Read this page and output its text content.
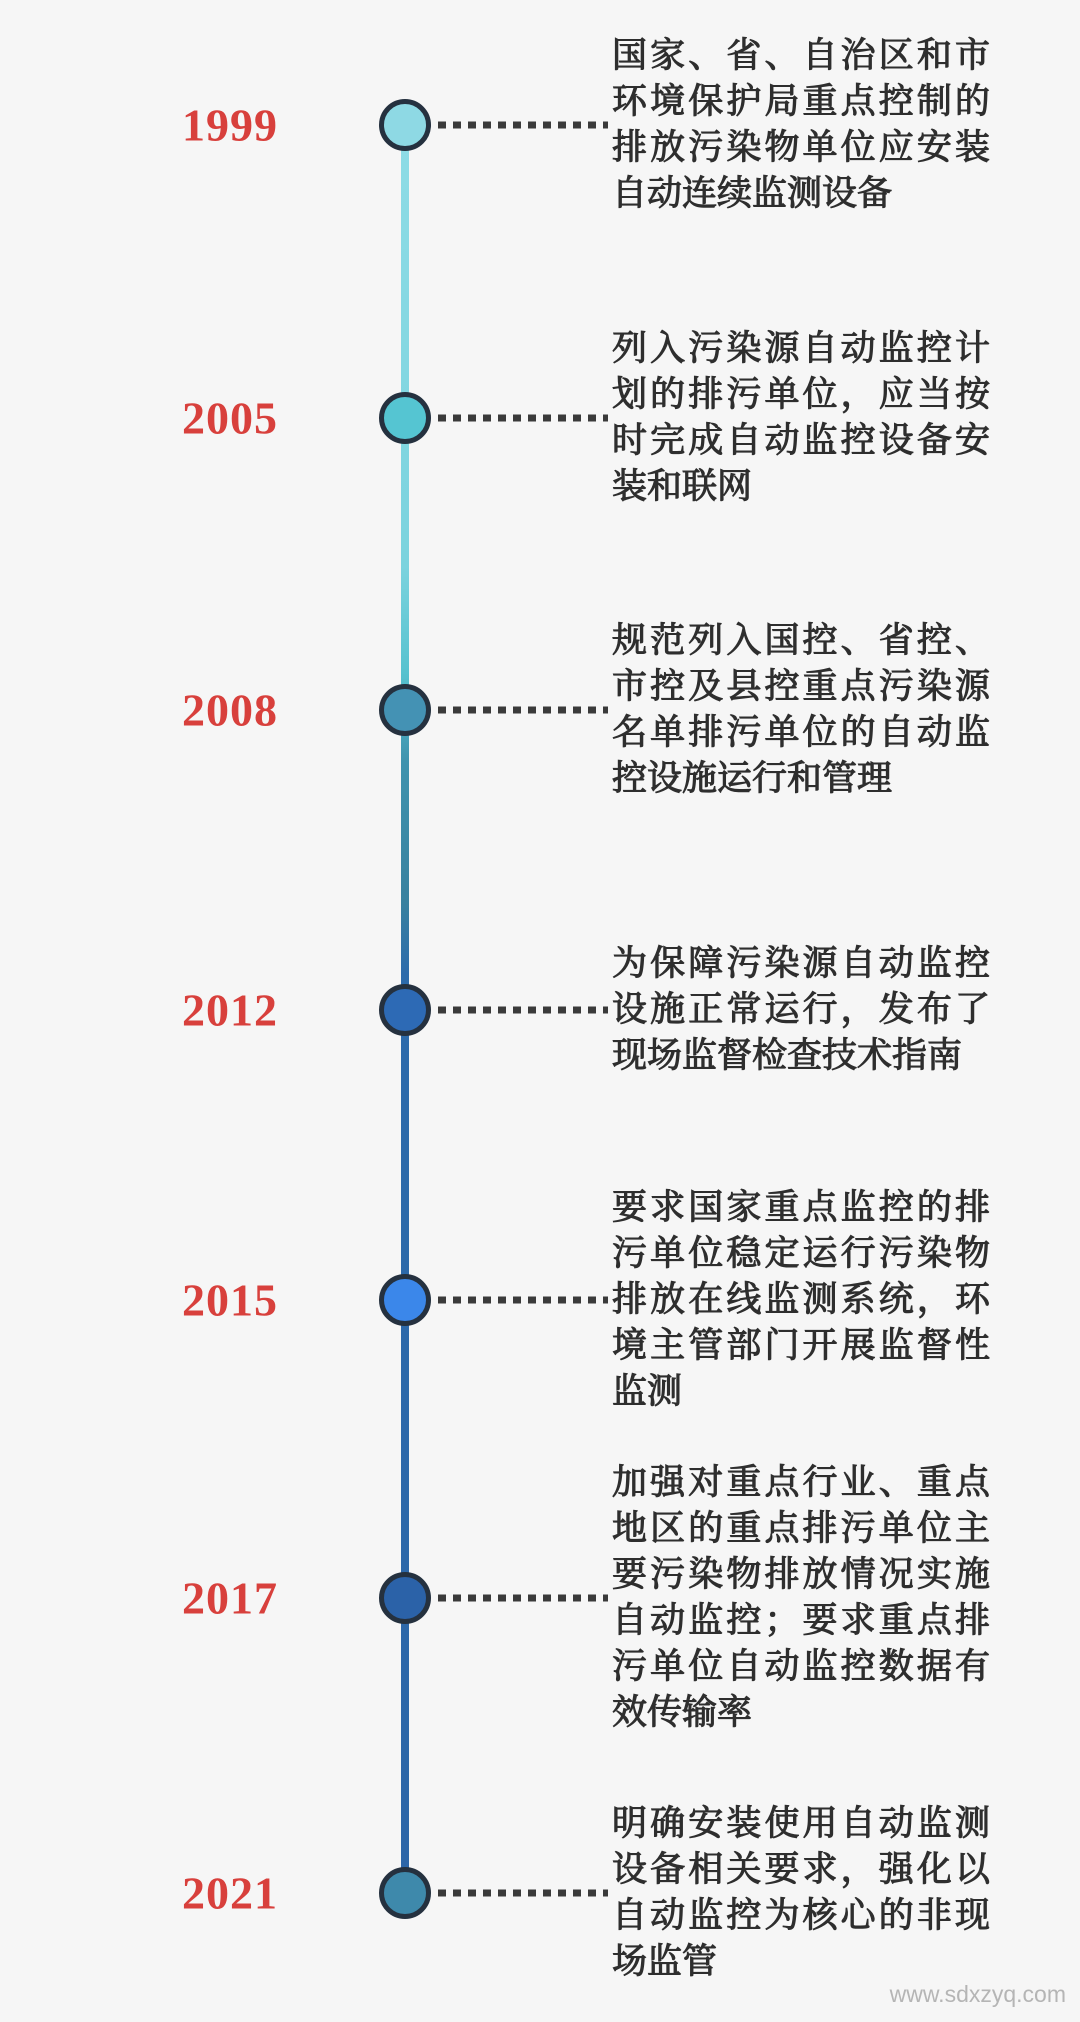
1999
国家、省、自治区和市环境保护局重点控制的排放污染物单位应安装自动连续监测设备
2005
列入污染源自动监控计划的排污单位，应当按时完成自动监控设备安装和联网
2008
规范列入国控、省控、市控及县控重点污染源名单排污单位的自动监控设施运行和管理
2012
为保障污染源自动监控设施正常运行，发布了现场监督检查技术指南
2015
要求国家重点监控的排污单位稳定运行污染物排放在线监测系统，环境主管部门开展监督性监测
2017
加强对重点行业、重点地区的重点排污单位主要污染物排放情况实施自动监控；要求重点排污单位自动监控数据有效传输率
2021
明确安装使用自动监测设备相关要求，强化以自动监控为核心的非现场监管
www.sdxzyq.com
